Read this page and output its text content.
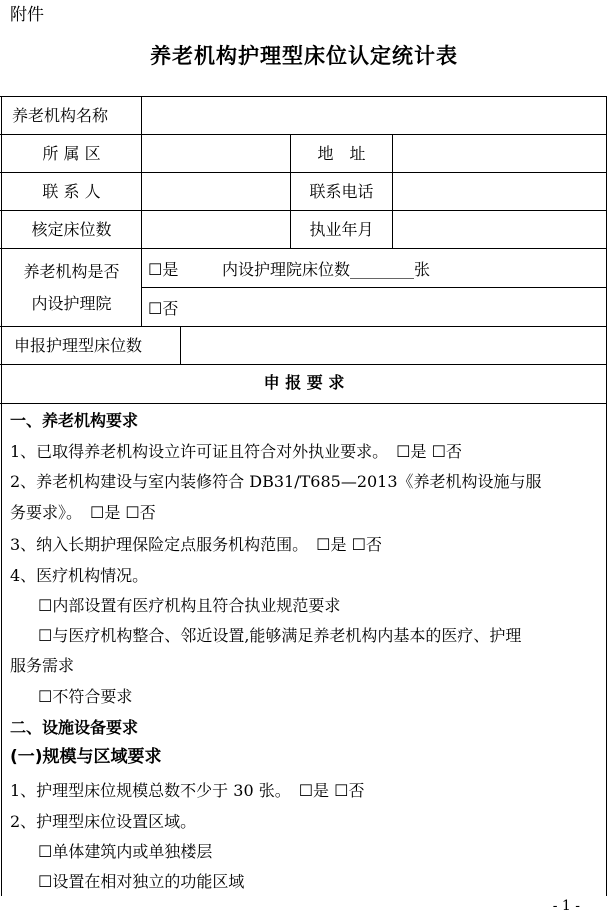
附件
养老机构护理型床位认定统计表
养老机构名称
所 属 区	地　址
联 系 人	联系电话
核定床位数	执业年月
养老机构是否
内设护理院
☐是	内设护理院床位数________张
☐否
申报护理型床位数
申 报 要 求
一、养老机构要求
1、已取得养老机构设立许可证且符合对外执业要求。　☐是 ☐否
2、养老机构建设与室内装修符合 DB31/T685—2013《养老机构设施与服
务要求》。　☐是 ☐否
3、纳入长期护理保险定点服务机构范围。　☐是 ☐否
4、医疗机构情况。
☐内部设置有医疗机构且符合执业规范要求
☐与医疗机构整合、邻近设置,能够满足养老机构内基本的医疗、护理
服务需求
☐不符合要求
二、设施设备要求
(一)规模与区域要求
1、护理型床位规模总数不少于 30 张。　☐是 ☐否
2、护理型床位设置区域。
☐单体建筑内或单独楼层
☐设置在相对独立的功能区域
- 1 -
